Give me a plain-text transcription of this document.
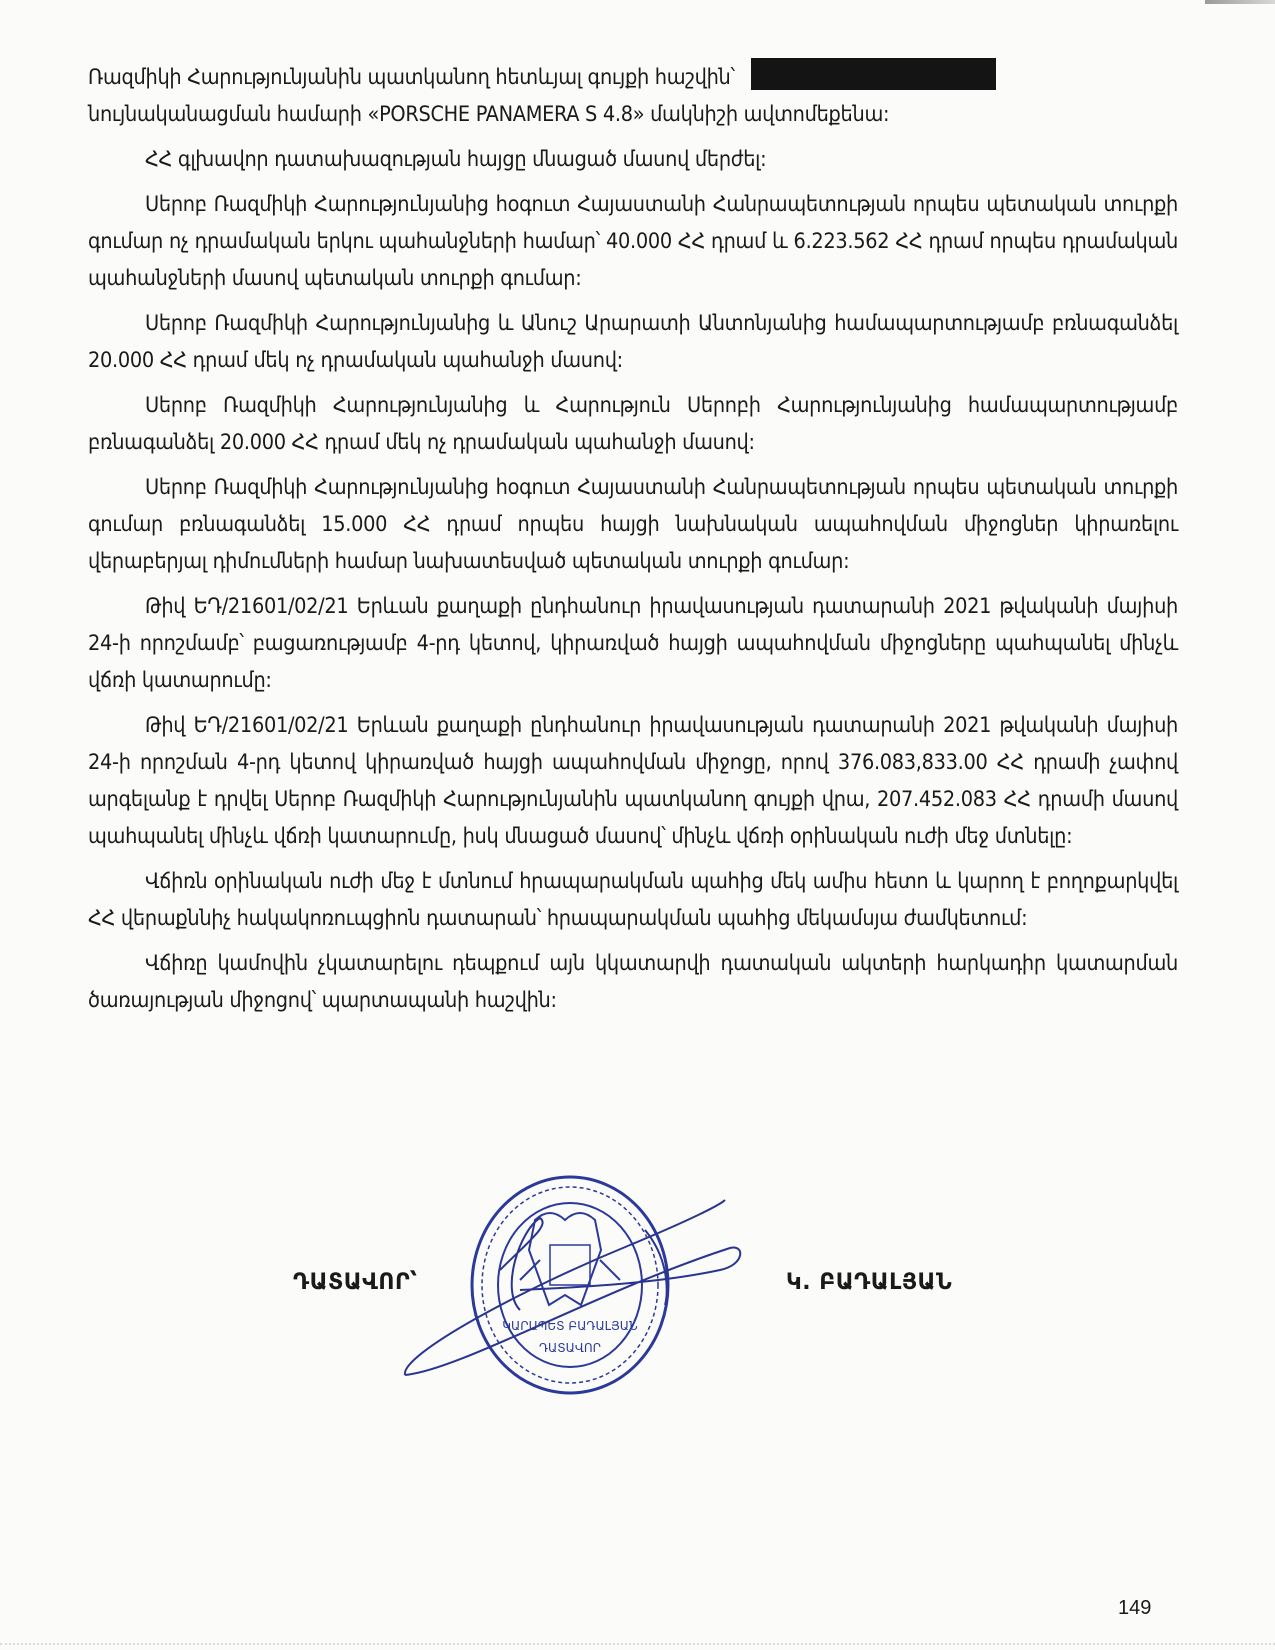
Ռազմիկի Հարությունյանին պատկանող հետևյալ գույքի հաշվին՝
նույնականացման համարի «PORSCHE PANAMERA S 4.8» մակնիշի ավտոմեքենա:

ՀՀ գլխավոր դատախազության հայցը մնացած մասով մերժել:

Սերոբ Ռազմիկի Հարությունյանից հօգուտ Հայաստանի Հանրապետության որպես պետական տուրքի գումար ոչ դրամական երկու պահանջների համար՝ 40.000 ՀՀ դրամ և 6.223.562 ՀՀ դրամ որպես դրամական պահանջների մասով պետական տուրքի գումար:

Սերոբ Ռազմիկի Հարությունյանից և Անուշ Արարատի Անտոնյանից համապարտությամբ բռնագանձել 20.000 ՀՀ դրամ մեկ ոչ դրամական պահանջի մասով:

Սերոբ Ռազմիկի Հարությունյանից և Հարություն Սերոբի Հարությունյանից համապարտությամբ բռնագանձել 20.000 ՀՀ դրամ մեկ ոչ դրամական պահանջի մասով:

Սերոբ Ռազմիկի Հարությունյանից հօգուտ Հայաստանի Հանրապետության որպես պետական տուրքի գումար բռնագանձել 15.000 ՀՀ դրամ որպես հայցի նախնական ապահովման միջոցներ կիրառելու վերաբերյալ դիմումների համար նախատեսված պետական տուրքի գումար:

Թիվ ԵԴ/21601/02/21 Երևան քաղաքի ընդհանուր իրավասության դատարանի 2021 թվականի մայիսի 24-ի որոշմամբ՝ բացառությամբ 4-րդ կետով, կիրառված հայցի ապահովման միջոցները պահպանել մինչև վճռի կատարումը:

Թիվ ԵԴ/21601/02/21 Երևան քաղաքի ընդհանուր իրավասության դատարանի 2021 թվականի մայիսի 24-ի որոշման 4-րդ կետով կիրառված հայցի ապահովման միջոցը, որով 376.083,833.00 ՀՀ դրամի չափով արգելանք է դրվել Սերոբ Ռազմիկի Հարությունյանին պատկանող գույքի վրա, 207.452.083 ՀՀ դրամի մասով պահպանել մինչև վճռի կատարումը, իսկ մնացած մասով՝ մինչև վճռի օրինական ուժի մեջ մտնելը:

Վճիռն օրինական ուժի մեջ է մտնում հրապարակման պահից մեկ ամիս հետո և կարող է բողոքարկվել ՀՀ վերաքննիչ հակակոռուպցիոն դատարան՝ հրապարակման պահից մեկամսյա ժամկետում:

Վճիռը կամովին չկատարելու դեպքում այն կկատարվի դատական ակտերի հարկադիր կատարման ծառայության միջոցով՝ պարտապանի հաշվին:

ԴԱՏԱՎՈՐ՝
ԿԱՐԱՊԵՏ ԲԱԴԱԼՅԱՆ
ԴԱՏԱՎՈՐ
Կ. ԲԱԴԱԼՅԱՆ
149
